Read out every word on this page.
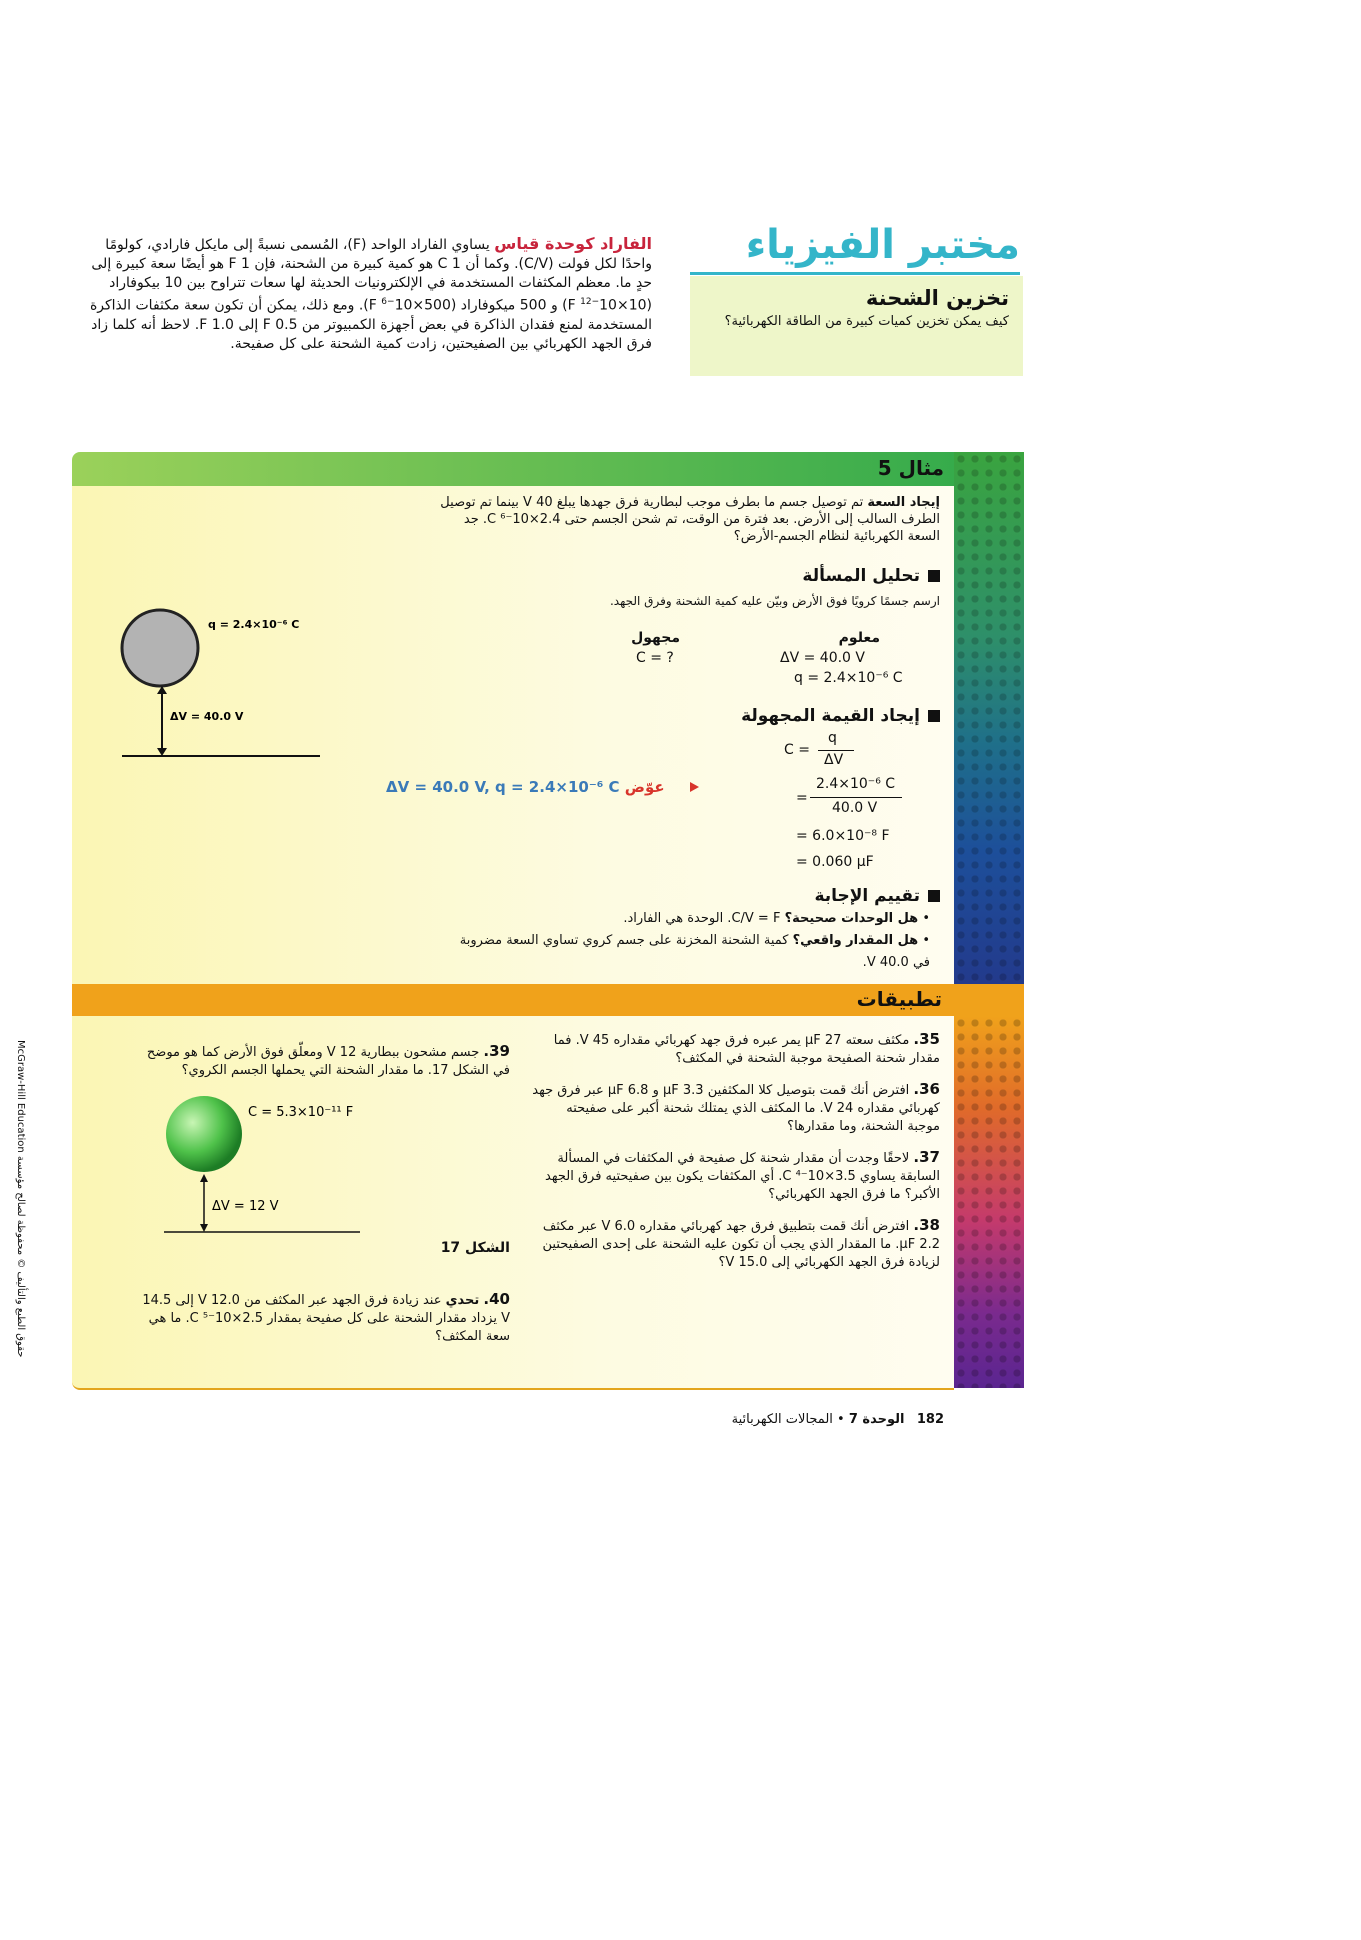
مختبر الفيزياء
تخزين الشحنة

كيف يمكن تخزين كميات كبيرة من الطاقة الكهربائية؟

الفاراد كوحدة قياس يساوي الفاراد الواحد (F)، المُسمى نسبةً إلى مايكل فارادي، كولومًا واحدًا لكل فولت (C/V). وكما أن 1 C هو كمية كبيرة من الشحنة، فإن 1 F هو أيضًا سعة كبيرة إلى حدٍ ما. معظم المكثفات المستخدمة في الإلكترونيات الحديثة لها سعات تتراوح بين 10 بيكوفاراد ($10\times 10^{-12}$ F) و 500 ميكوفاراد ($500\times 10^{-6}$ F). ومع ذلك، يمكن أن تكون سعة مكثفات الذاكرة المستخدمة لمنع فقدان الذاكرة في بعض أجهزة الكمبيوتر من 0.5 F إلى 1.0 F. لاحظ أنه كلما زاد فرق الجهد الكهربائي بين الصفيحتين، زادت كمية الشحنة على كل صفيحة.
مثال 5
إيجاد السعة تم توصيل جسم ما بطرف موجب لبطارية فرق جهدها يبلغ 40 V بينما تم توصيل الطرف السالب إلى الأرض. بعد فترة من الوقت، تم شحن الجسم حتى 2.4×10⁻⁶ C. جد السعة الكهربائية لنظام الجسم-الأرض؟
تحليل المسألة
ارسم جسمًا كرويًا فوق الأرض وبيّن عليه كمية الشحنة وفرق الجهد.
معلوم
مجهول
ΔV = 40.0 V
q = 2.4×10⁻⁶ C
C = ?
إيجاد القيمة المجهولة
C =
q
ΔV
=
2.4×10⁻⁶ C
40.0 V
= 6.0×10⁻⁸ F
= 0.060 μF
ΔV = 40.0 V, q = 2.4×10⁻⁶ C عوّض
تقييم الإجابة
• هل الوحدات صحيحة؟ C/V = F. الوحدة هي الفاراد.
• هل المقدار واقعي؟ كمية الشحنة المخزنة على جسم كروي تساوي السعة مضروبة في 40.0 V.
q = 2.4×10⁻⁶ C
ΔV = 40.0 V
تطبيقات
35. مكثف سعته 27 μF يمر عبره فرق جهد كهربائي مقداره 45 V. فما مقدار شحنة الصفيحة موجبة الشحنة في المكثف؟
36. افترض أنك قمت بتوصيل كلا المكثفين 3.3 μF و 6.8 μF عبر فرق جهد كهربائي مقداره 24 V. ما المكثف الذي يمتلك شحنة أكبر على صفيحته موجبة الشحنة، وما مقدارها؟
37. لاحقًا وجدت أن مقدار شحنة كل صفيحة في المكثفات في المسألة السابقة يساوي 3.5×10⁻⁴ C. أي المكثفات يكون بين صفيحتيه فرق الجهد الأكبر؟ ما فرق الجهد الكهربائي؟
38. افترض أنك قمت بتطبيق فرق جهد كهربائي مقداره 6.0 V عبر مكثف 2.2 μF. ما المقدار الذي يجب أن تكون عليه الشحنة على إحدى الصفيحتين لزيادة فرق الجهد الكهربائي إلى 15.0 V؟
39. جسم مشحون ببطارية 12 V ومعلّق فوق الأرض كما هو موضح في الشكل 17. ما مقدار الشحنة التي يحملها الجسم الكروي؟
C = 5.3×10⁻¹¹ F
ΔV = 12 V
الشكل 17
40. تحدي عند زيادة فرق الجهد عبر المكثف من 12.0 V إلى 14.5 V يزداد مقدار الشحنة على كل صفيحة بمقدار 2.5×10⁻⁵ C. ما هي سعة المكثف؟
182   الوحدة 7 • المجالات الكهربائية
حقوق الطبع والتأليف © محفوظة لصالح مؤسسة McGraw-Hill Education
